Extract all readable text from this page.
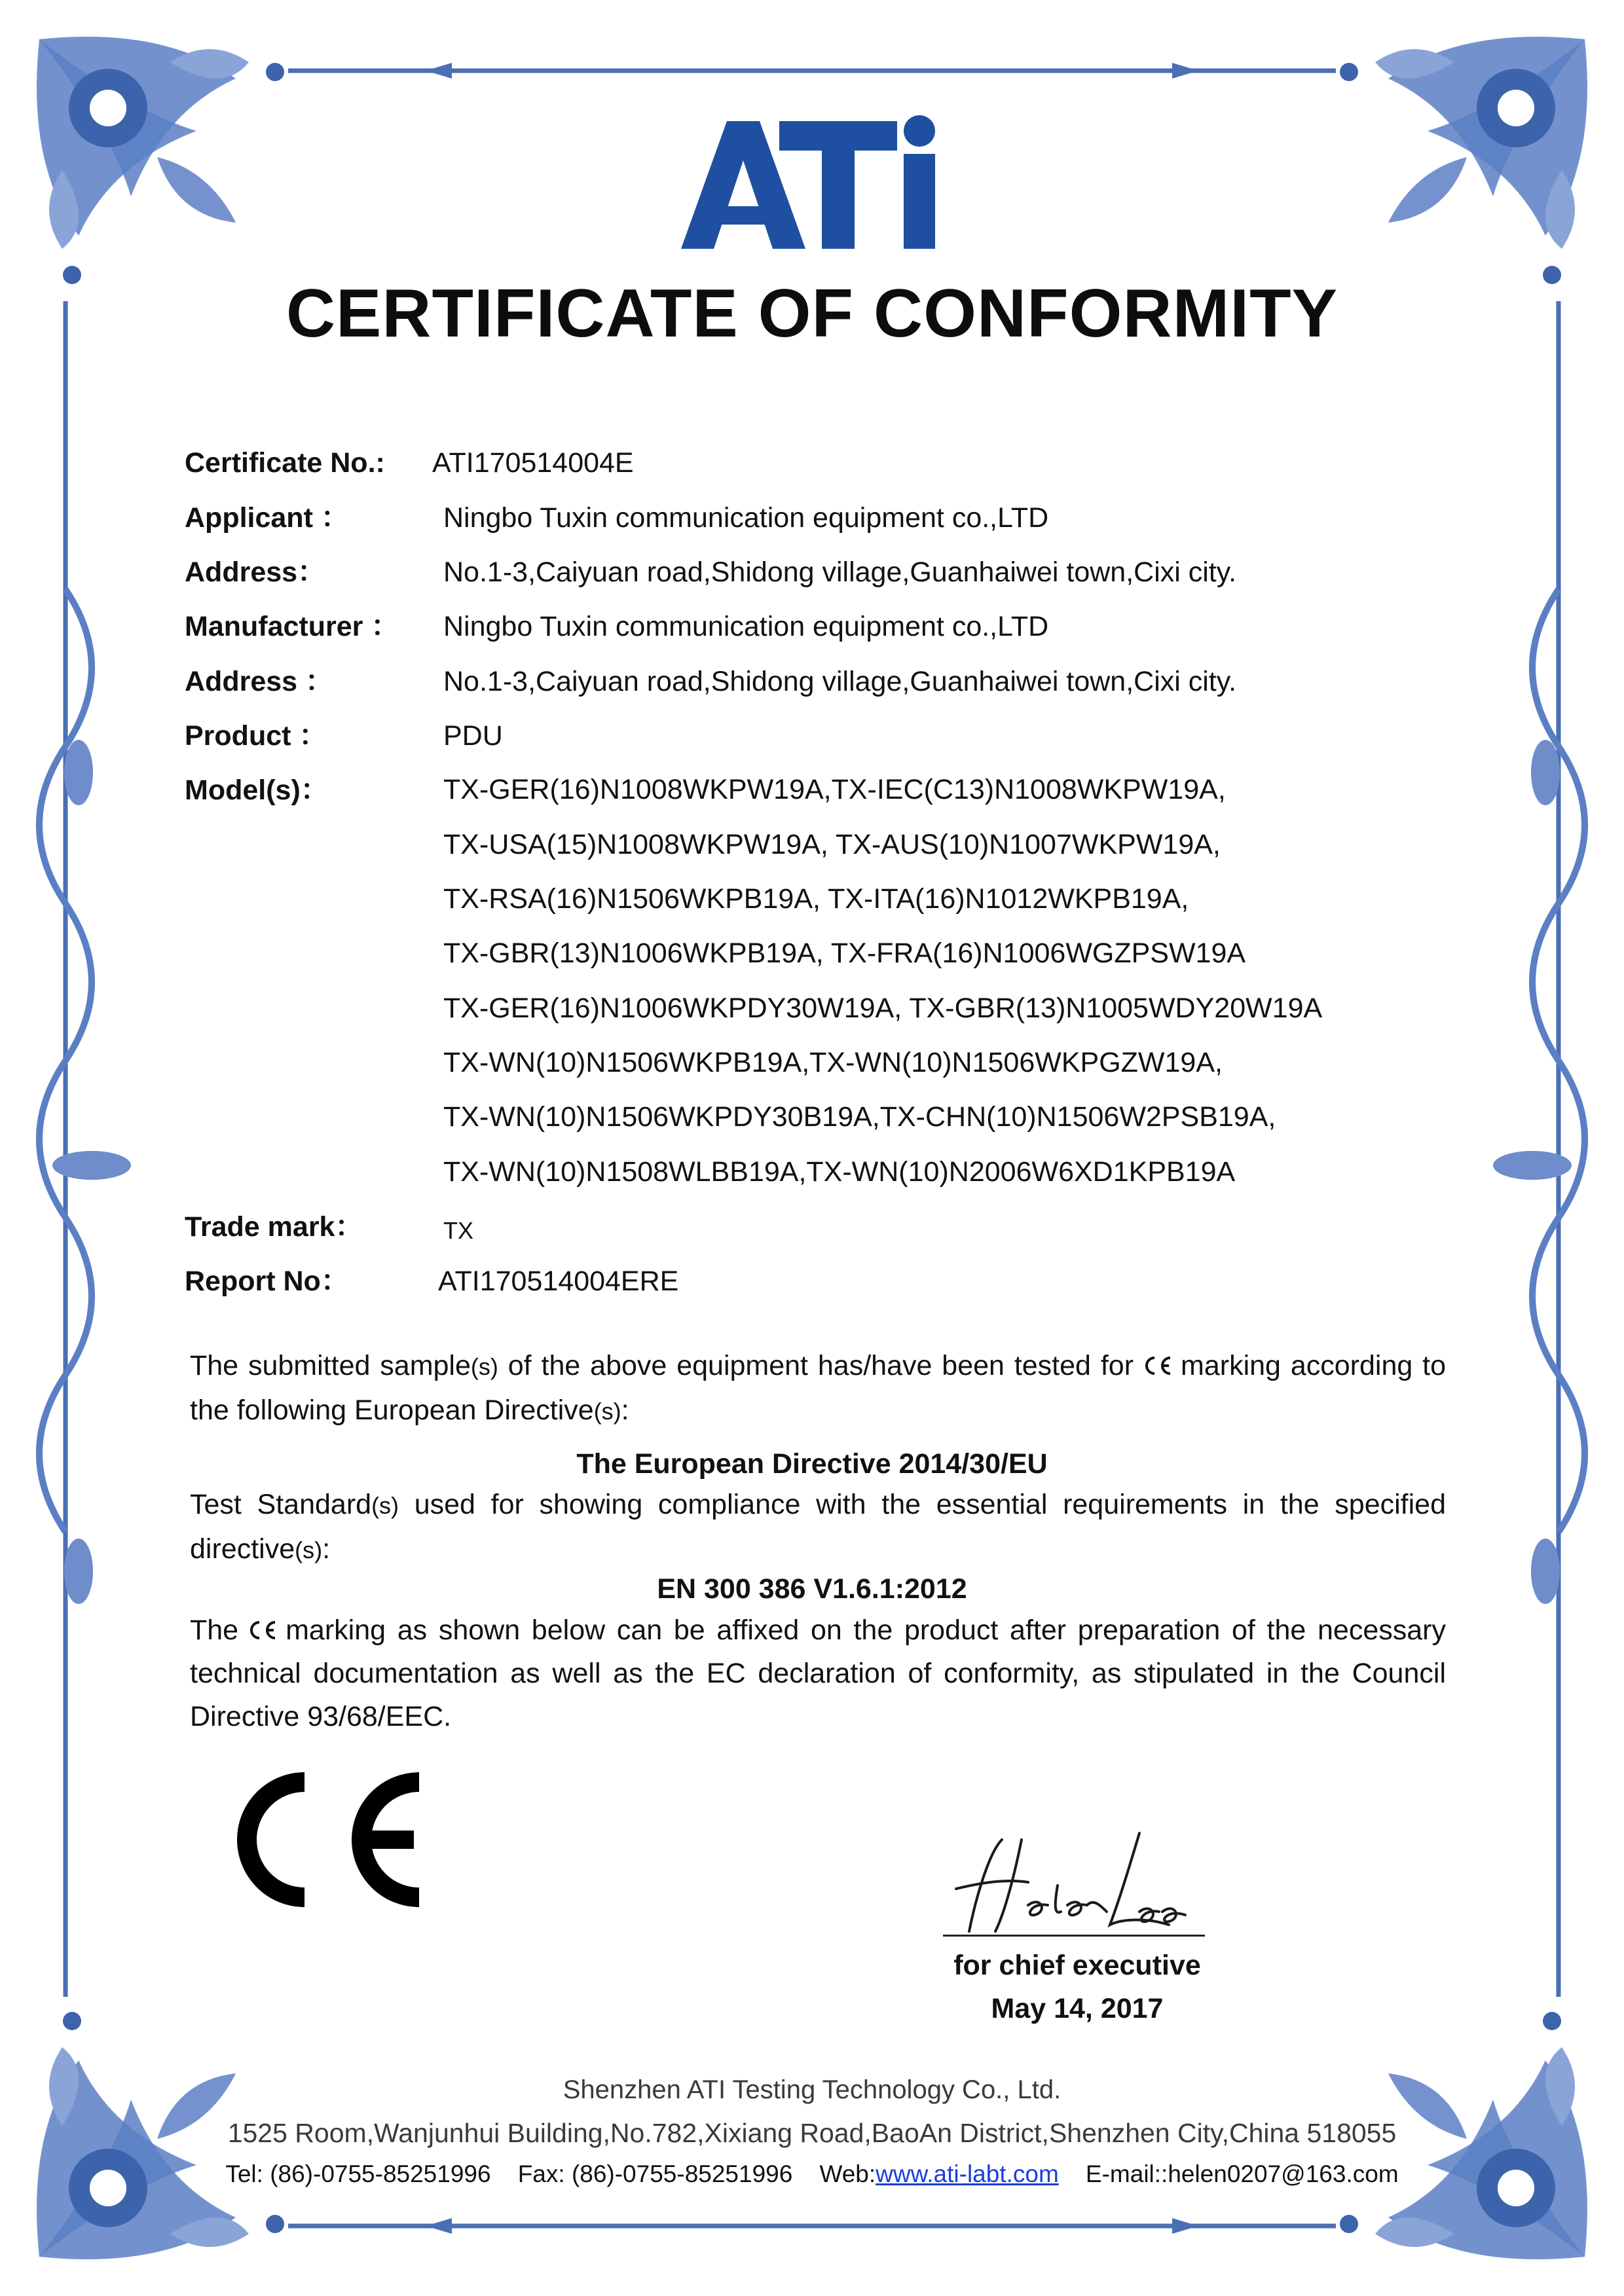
CERTIFICATE OF CONFORMITY
Certificate No.: ATI170514004E
Applicant ：	Ningbo Tuxin communication equipment co.,LTD
Address：	No.1-3,Caiyuan road,Shidong village,Guanhaiwei town,Cixi city.
Manufacturer ： Ningbo Tuxin communication equipment co.,LTD
Address ：	No.1-3,Caiyuan road,Shidong village,Guanhaiwei town,Cixi city.
Product ：	PDU
Model(s)：	TX-GER(16)N1008WKPW19A,TX-IEC(C13)N1008WKPW19A,
TX-USA(15)N1008WKPW19A, TX-AUS(10)N1007WKPW19A,
TX-RSA(16)N1506WKPB19A, TX-ITA(16)N1012WKPB19A,
TX-GBR(13)N1006WKPB19A, TX-FRA(16)N1006WGZPSW19A
TX-GER(16)N1006WKPDY30W19A, TX-GBR(13)N1005WDY20W19A
TX-WN(10)N1506WKPB19A,TX-WN(10)N1506WKPGZW19A,
TX-WN(10)N1506WKPDY30B19A,TX-CHN(10)N1506W2PSB19A,
TX-WN(10)N1508WLBB19A,TX-WN(10)N2006W6XD1KPB19A
Trade mark：	TX
Report No：	ATI170514004ERE
The submitted sample(s) of the above equipment has/have been tested for marking according to the following European Directive(s):
The European Directive 2014/30/EU
Test Standard(s) used for showing compliance with the essential requirements in the specified directive(s):
EN 300 386 V1.6.1:2012
The marking as shown below can be affixed on the product after preparation of the necessary technical documentation as well as the EC declaration of conformity, as stipulated in the Council Directive 93/68/EEC.
Helen Lee
for chief executive
May 14, 2017
Shenzhen ATI Testing Technology Co., Ltd.
1525 Room,Wanjunhui Building,No.782,Xixiang Road,BaoAn District,Shenzhen City,China 518055
Tel: (86)-0755-85251996 Fax: (86)-0755-85251996 Web:www.ati-labt.com E-mail::helen0207@163.com
